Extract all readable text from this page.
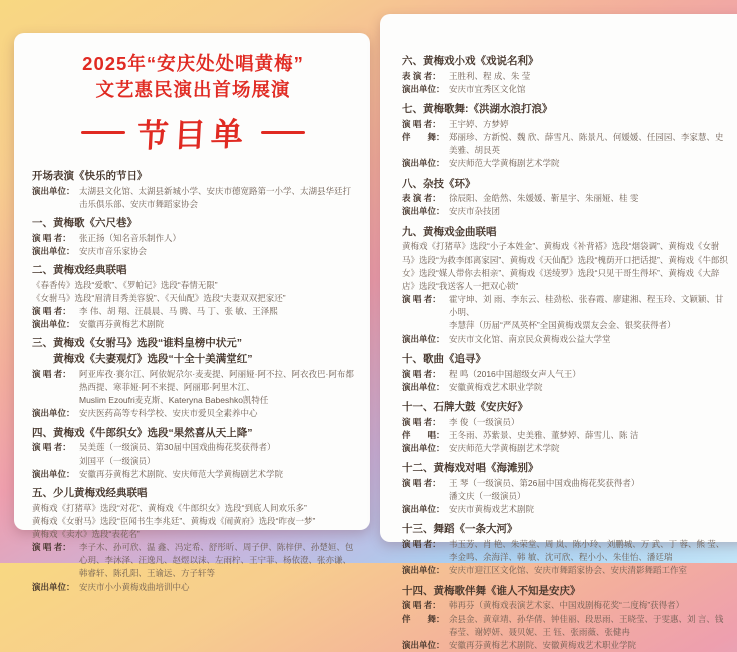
2025年“安庆处处唱黄梅”
文艺惠民演出首场展演
节目单
开场表演《快乐的节日》
演出单位： 太湖县文化馆、太湖县新城小学、安庆市德宽路第一小学、太湖县华廷打击乐俱乐部、安庆市舞蹈家协会
一、黄梅歌《六尺巷》
演 唱 者： 张正扬（知名音乐制作人）
演出单位： 安庆市音乐家协会
二、黄梅戏经典联唱
《春香传》选段“爱歌”、《罗帕记》选段“春情无限”
《女驸马》选段“眉清目秀美容貌”、《天仙配》选段“夫妻双双把家还”
演 唱 者： 李 伟、胡 翔、汪晨晨、马 腾、马 丁、张 敏、王泽熙
演出单位： 安徽再芬黄梅艺术剧院
三、黄梅戏《女驸马》选段“谁料皇榜中状元”
黄梅戏《夫妻观灯》选段“十全十美满堂红”
演 唱 者： 阿亚库孜·赛尔江、阿依妮尕尔·麦麦提、阿丽娅·阿不拉、阿衣孜巴·阿布都热西提、寒菲娅·阿不来提、阿丽耶·阿里木江、
Muslim Ezoufri麦克斯、Kateryna Babeshko凯特任
演出单位： 安庆医药高等专科学校、安庆市爱贝全素养中心
四、黄梅戏《牛郎织女》选段“果然喜从天上降”
演 唱 者： 吴美莲（一级演员、第30届中国戏曲梅花奖获得者）
刘国平（一级演员）
演出单位： 安徽再芬黄梅艺术剧院、安庆师范大学黄梅剧艺术学院
五、少儿黄梅戏经典联唱
黄梅戏《打猪草》选段“对花”、黄梅戏《牛郎织女》选段“到底人间欢乐多”
黄梅戏《女驸马》选段“臣闻书生李兆廷”、黄梅戏《闹黄府》选段“昨夜一梦”
黄梅戏《卖水》选段“表花名”
演 唱 者： 李子木、孙可欣、温 鑫、冯定希、舒彤昕、周子伊、陈梓伊、孙楚姮、包心玥、李沐泽、汪逸凡、赵煜以沫、左雨柠、王宁菲、杨依澄、张亦谦、韩睿轩、陈孔阳、王谕远、方子轩等
演出单位： 安庆市小小黄梅戏曲培训中心
六、黄梅戏小戏《戏说名利》
表 演 者： 王胜利、程 成、朱 莹
演出单位： 安庆市宜秀区文化馆
七、黄梅歌舞:《洪湖水浪打浪》
演 唱 者： 王宇婷、方梦婷
伴　　舞： 郑丽珍、方新悦、魏 欣、薛雪凡、陈景凡、何媛媛、任园园、李家慧、史美雅、胡艮英
演出单位： 安庆师范大学黄梅剧艺术学院
八、杂技《环》
表 演 者： 徐辰阳、金皓然、朱媛媛、靳星宇、朱丽娅、桂 雯
演出单位： 安庆市杂技团
九、黄梅戏金曲联唱
黄梅戏《打猪草》选段“小子本姓金”、黄梅戏《补背褡》选段“烟袋调”、黄梅戏《女驸马》选段“为救李郎离家园”、黄梅戏《天仙配》选段“槐荫开口把话提”、黄梅戏《牛郎织女》选段“媒人带你去相亲”、黄梅戏《送绫罗》选段“只见干哥生得坏”、黄梅戏《大辞店》选段“我送客人一把双心锁”
演 唱 者： 霍守坤、刘 雨、李东云、桂劲松、张春霞、廖建湘、程玉玲、文颖颖、甘小明、
李慧萍（历届“严凤英杯”全国黄梅戏票友会金、银奖获得者）
演出单位： 安庆市文化馆、南京民众黄梅戏公益大学堂
十、歌曲《追寻》
演 唱 者： 程 鸣（2016中国超级女声人气王）
演出单位： 安徽黄梅戏艺术职业学院
十一、石牌大鼓《安庆好》
演 唱 者： 李 俊（一级演员）
伴　　唱： 王冬雨、苏紫景、史美雅、董梦婷、薛雪儿、陈 洁
演出单位： 安庆师范大学黄梅剧艺术学院
十二、黄梅戏对唱《海滩别》
演 唱 者： 王 琴（一级演员、第26届中国戏曲梅花奖获得者）
潘文庆（一级演员）
演出单位： 安庆市黄梅戏艺术剧院
十三、舞蹈《一条大河》
演 唱 者： 韦玉芳、肖 艳、朱荣堂、周 岚、陈小玲、刘鹏城、万 武、丁 蓉、熊 莹、李金鸣、余海洋、韩 敏、沈可欣、程小小、朱佳怡、潘廷瑞
演出单位： 安庆市迎江区文化馆、安庆市舞蹈家协会、安庆清影舞蹈工作室
十四、黄梅歌伴舞《谁人不知是安庆》
演 唱 者： 韩再芬（黄梅戏表演艺术家、中国戏剧梅花奖“二度梅”获得者）
伴　　舞： 余县金、黄章靖、孙华倩、钟佳丽、段思雨、王晓莹、于雯惠、刘 言、钱春莹、谢婷妍、聂贝妮、王 钰、张雨薇、张健冉
演出单位： 安徽再芬黄梅艺术剧院、安徽黄梅戏艺术职业学院
